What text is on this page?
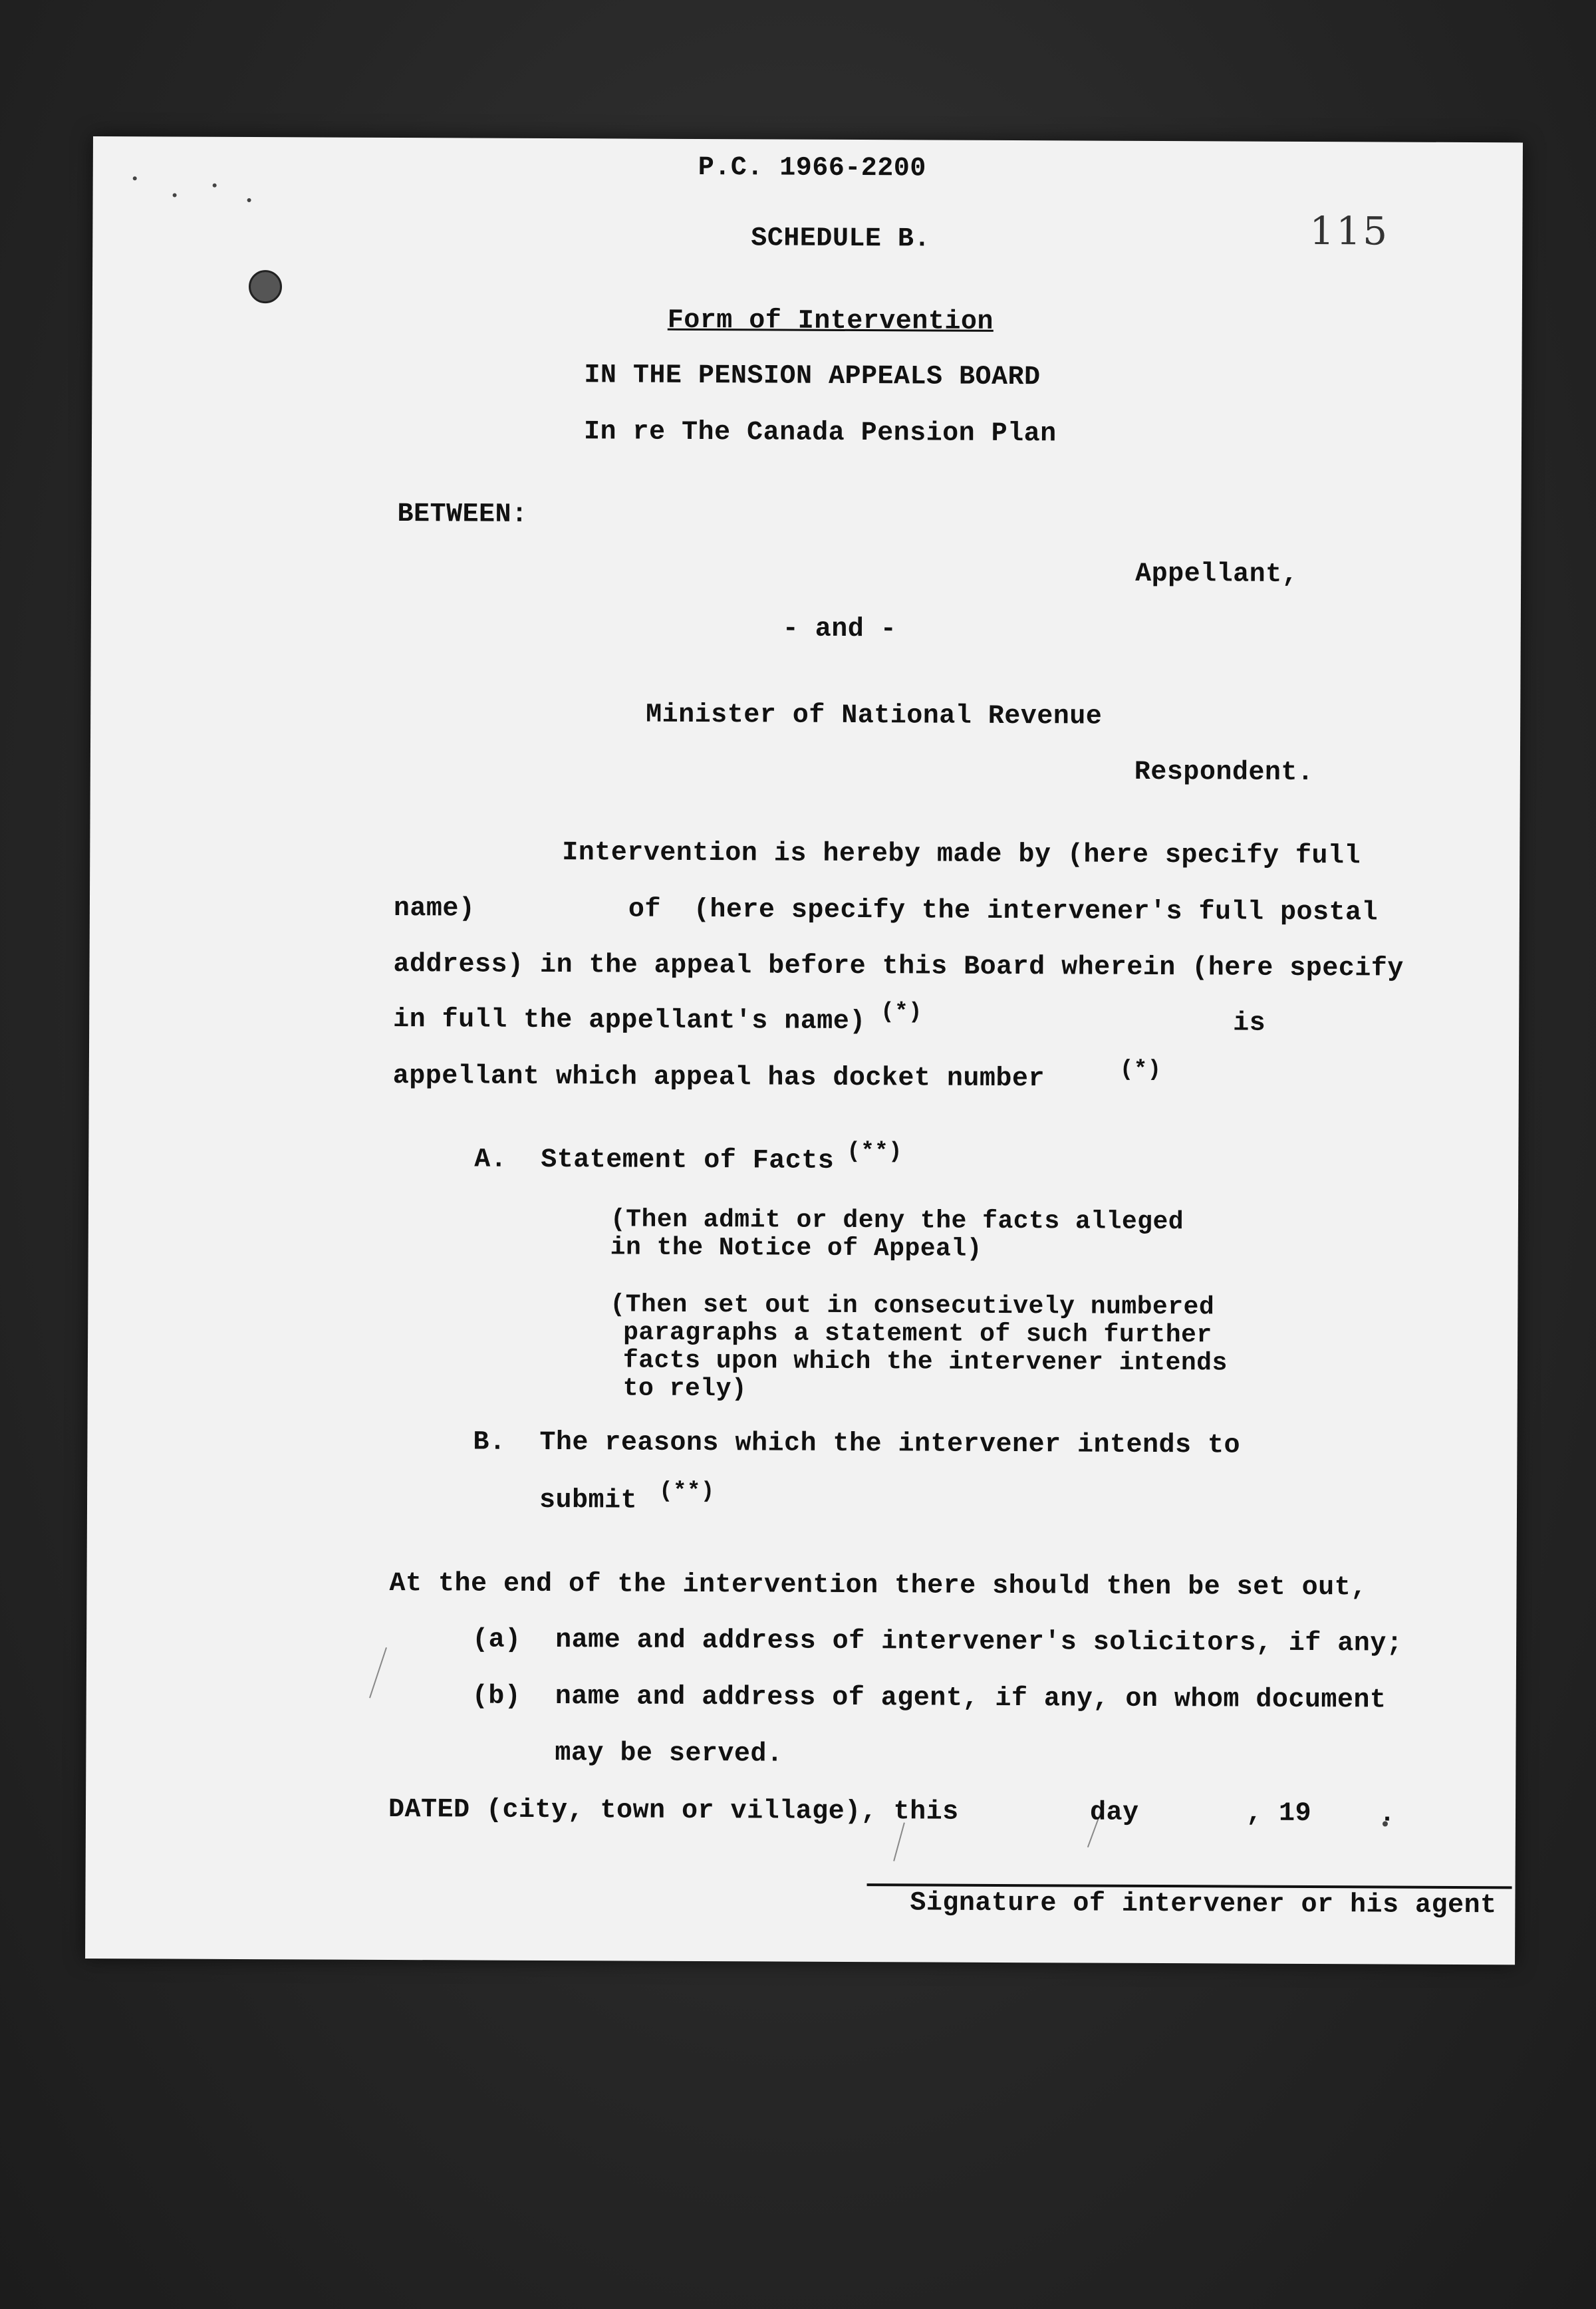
P.C. 1966-2200
SCHEDULE B.	115
Form of Intervention
IN THE PENSION APPEALS BOARD
In re The Canada Pension Plan
BETWEEN:
Appellant,
- and -
Minister of National Revenue
Respondent.
Intervention is hereby made by (here specify full
name)	of  (here specify the intervener's full postal
address) in the appeal before this Board wherein (here specify
in full the appellant's name) (*)	is
appellant which appeal has docket number	(*)
A. Statement of Facts (**)
(Then admit or deny the facts alleged
in the Notice of Appeal)
(Then set out in consecutively numbered
paragraphs a statement of such further
facts upon which the intervener intends
to rely)
B. The reasons which the intervener intends to
submit (**)
At the end of the intervention there should then be set out,
(a) name and address of intervener's solicitors, if any;
(b) name and address of agent, if any, on whom document
may be served.
DATED (city, town or village), this	day	, 19	.
Signature of intervener or his agent
